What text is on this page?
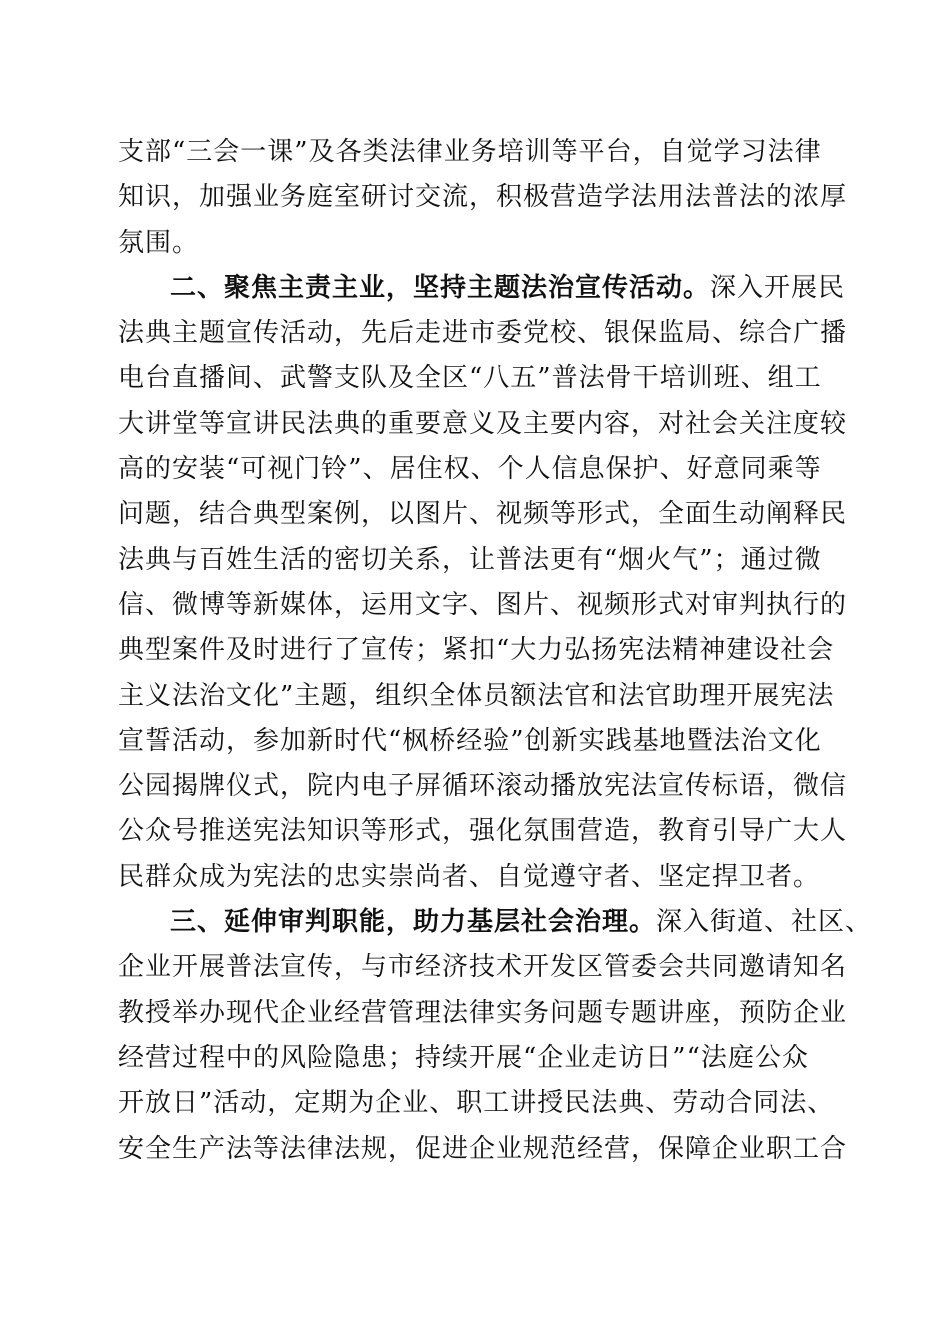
支部“三会一课”及各类法律业务培训等平台，自觉学习法律
知识，加强业务庭室研讨交流，积极营造学法用法普法的浓厚
氛围。

二、聚焦主责主业，坚持主题法治宣传活动。深入开展民
法典主题宣传活动，先后走进市委党校、银保监局、综合广播
电台直播间、武警支队及全区“八五”普法骨干培训班、组工
大讲堂等宣讲民法典的重要意义及主要内容，对社会关注度较
高的安装“可视门铃”、居住权、个人信息保护、好意同乘等
问题，结合典型案例，以图片、视频等形式，全面生动阐释民
法典与百姓生活的密切关系，让普法更有“烟火气”；通过微
信、微博等新媒体，运用文字、图片、视频形式对审判执行的
典型案件及时进行了宣传；紧扣“大力弘扬宪法精神建设社会
主义法治文化”主题，组织全体员额法官和法官助理开展宪法
宣誓活动，参加新时代“枫桥经验”创新实践基地暨法治文化
公园揭牌仪式，院内电子屏循环滚动播放宪法宣传标语，微信
公众号推送宪法知识等形式，强化氛围营造，教育引导广大人
民群众成为宪法的忠实崇尚者、自觉遵守者、坚定捍卫者。

三、延伸审判职能，助力基层社会治理。深入街道、社区、
企业开展普法宣传，与市经济技术开发区管委会共同邀请知名
教授举办现代企业经营管理法律实务问题专题讲座，预防企业
经营过程中的风险隐患；持续开展“企业走访日”“法庭公众
开放日”活动，定期为企业、职工讲授民法典、劳动合同法、
安全生产法等法律法规，促进企业规范经营，保障企业职工合
